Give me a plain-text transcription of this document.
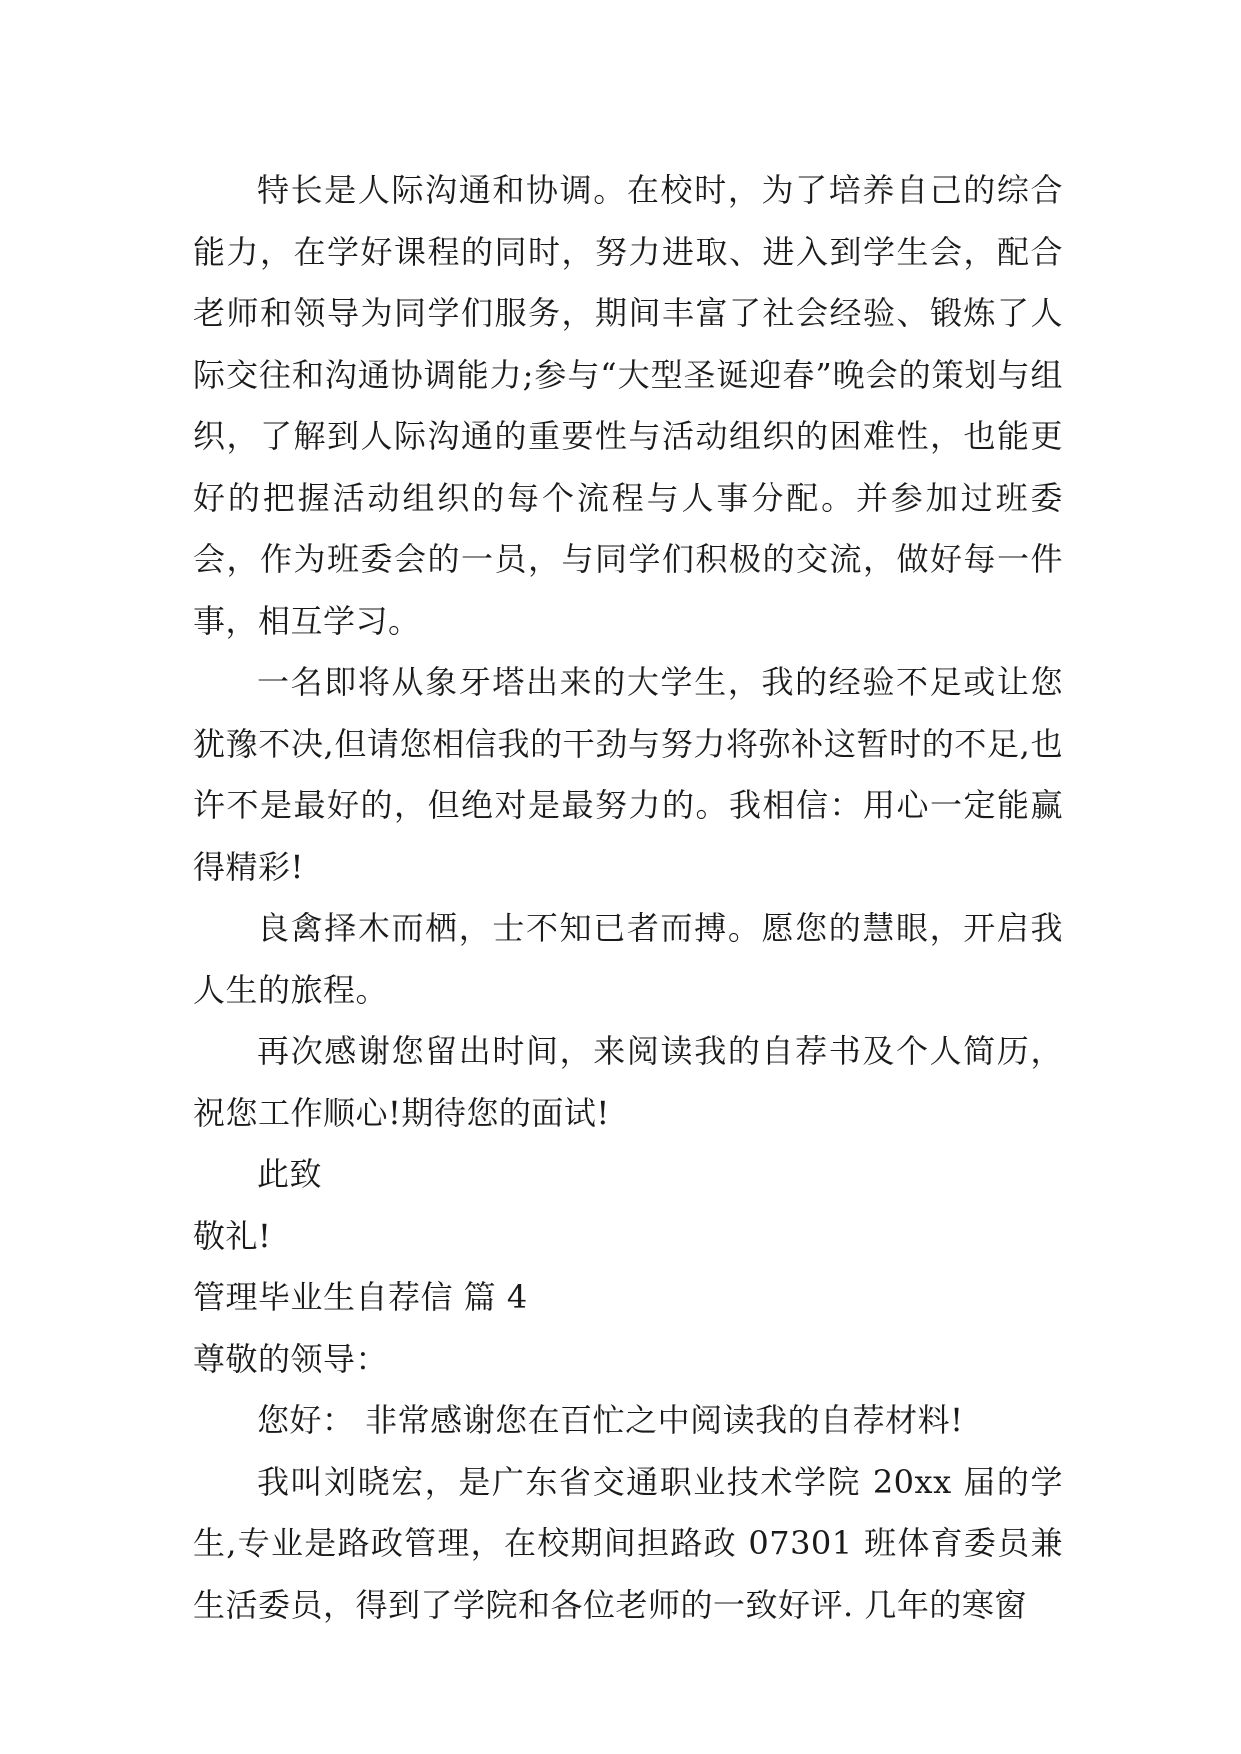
特长是人际沟通和协调。在校时，为了培养自己的综合能力，在学好课程的同时，努力进取、进入到学生会，配合老师和领导为同学们服务，期间丰富了社会经验、锻炼了人际交往和沟通协调能力;参与“大型圣诞迎春”晚会的策划与组织，了解到人际沟通的重要性与活动组织的困难性，也能更好的把握活动组织的每个流程与人事分配。并参加过班委会，作为班委会的一员，与同学们积极的交流，做好每一件事，相互学习。

一名即将从象牙塔出来的大学生，我的经验不足或让您犹豫不决,但请您相信我的干劲与努力将弥补这暂时的不足,也许不是最好的，但绝对是最努力的。我相信：用心一定能赢得精彩!

良禽择木而栖，士不知已者而搏。愿您的慧眼，开启我人生的旅程。

再次感谢您留出时间，来阅读我的自荐书及个人简历，祝您工作顺心!期待您的面试!

此致

敬礼!

管理毕业生自荐信 篇 4

尊敬的领导：

您好： 非常感谢您在百忙之中阅读我的自荐材料!

我叫刘晓宏，是广东省交通职业技术学院 20xx 届的学生,专业是路政管理，在校期间担路政 07301 班体育委员兼生活委员，得到了学院和各位老师的一致好评. 几年的寒窗
